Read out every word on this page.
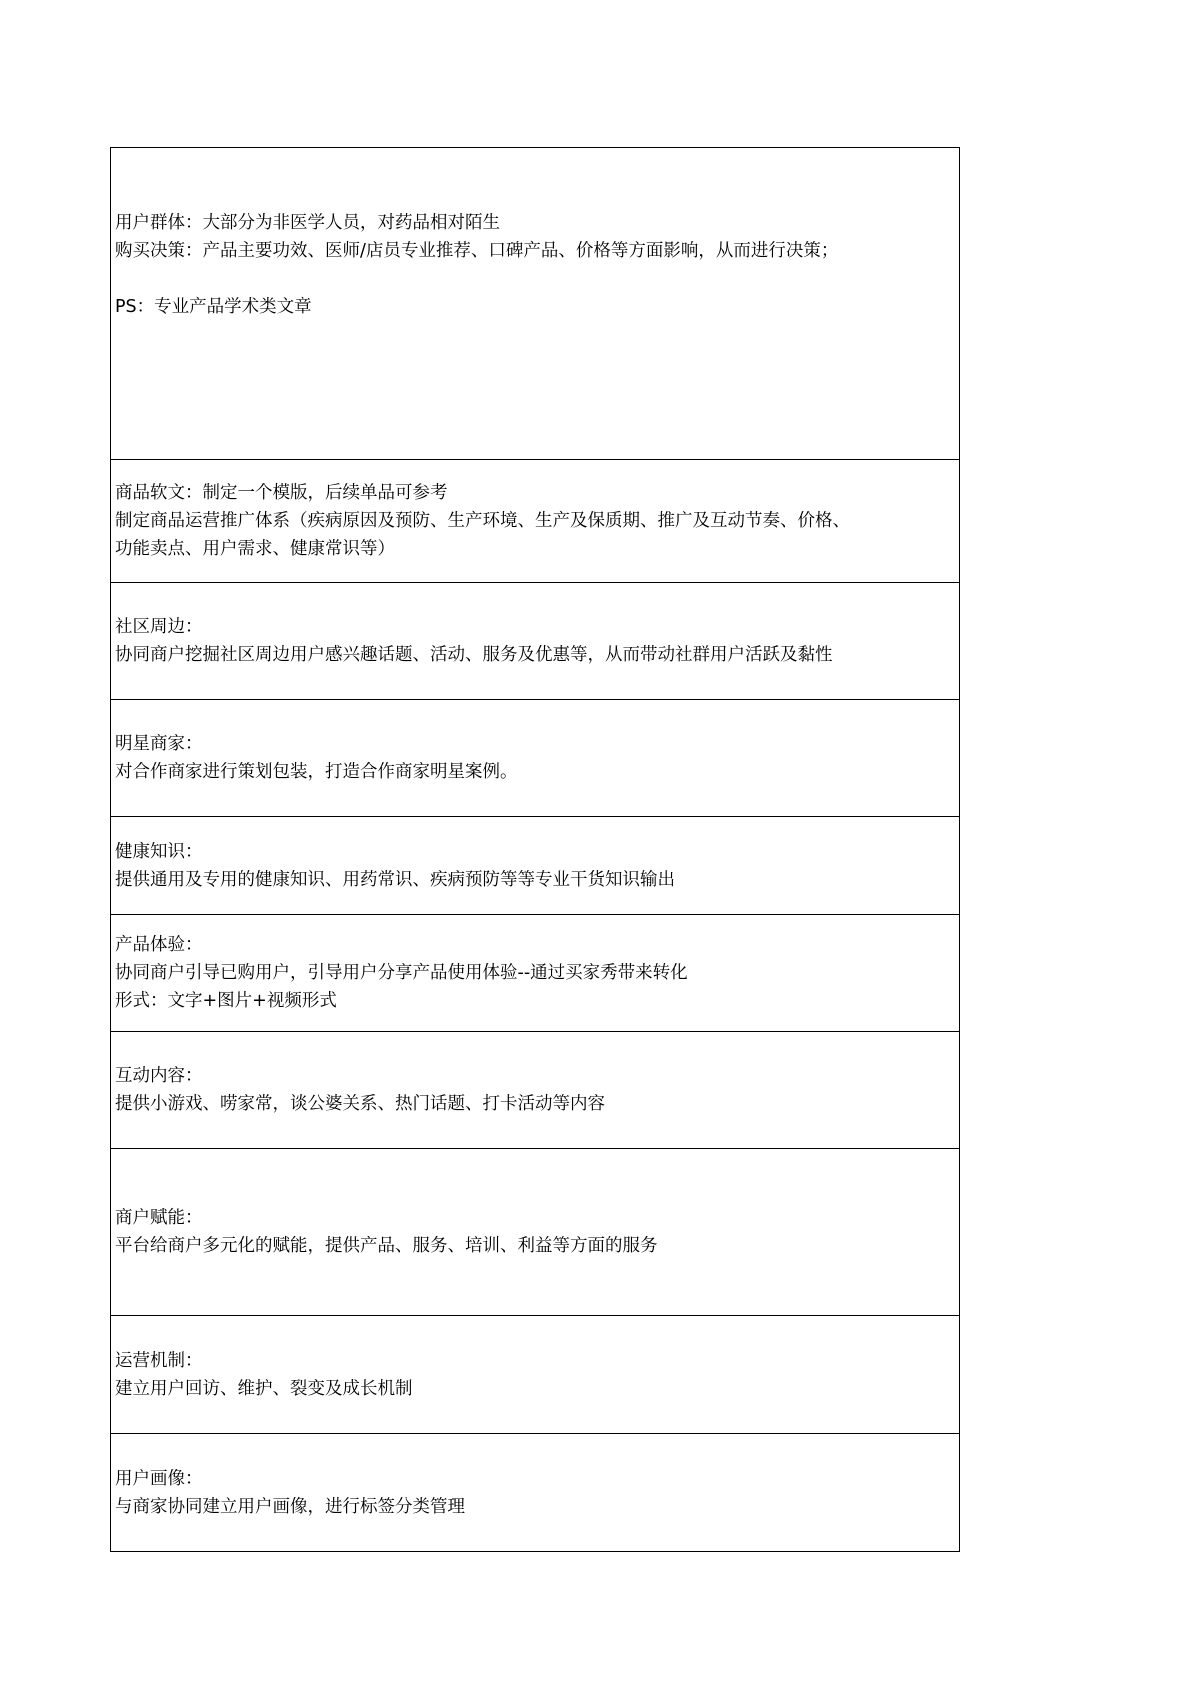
用户群体：大部分为非医学人员，对药品相对陌生
购买决策：产品主要功效、医师/店员专业推荐、口碑产品、价格等方面影响，从而进行决策；
PS：专业产品学术类文章

商品软文：制定一个模版，后续单品可参考
制定商品运营推广体系（疾病原因及预防、生产环境、生产及保质期、推广及互动节奏、价格、
功能卖点、用户需求、健康常识等）

社区周边：
协同商户挖掘社区周边用户感兴趣话题、活动、服务及优惠等，从而带动社群用户活跃及黏性

明星商家：
对合作商家进行策划包装，打造合作商家明星案例。

健康知识：
提供通用及专用的健康知识、用药常识、疾病预防等等专业干货知识输出

产品体验：
协同商户引导已购用户，引导用户分享产品使用体验--通过买家秀带来转化
形式：文字+图片+视频形式

互动内容：
提供小游戏、唠家常，谈公婆关系、热门话题、打卡活动等内容

商户赋能：
平台给商户多元化的赋能，提供产品、服务、培训、利益等方面的服务

运营机制：
建立用户回访、维护、裂变及成长机制

用户画像：
与商家协同建立用户画像，进行标签分类管理
